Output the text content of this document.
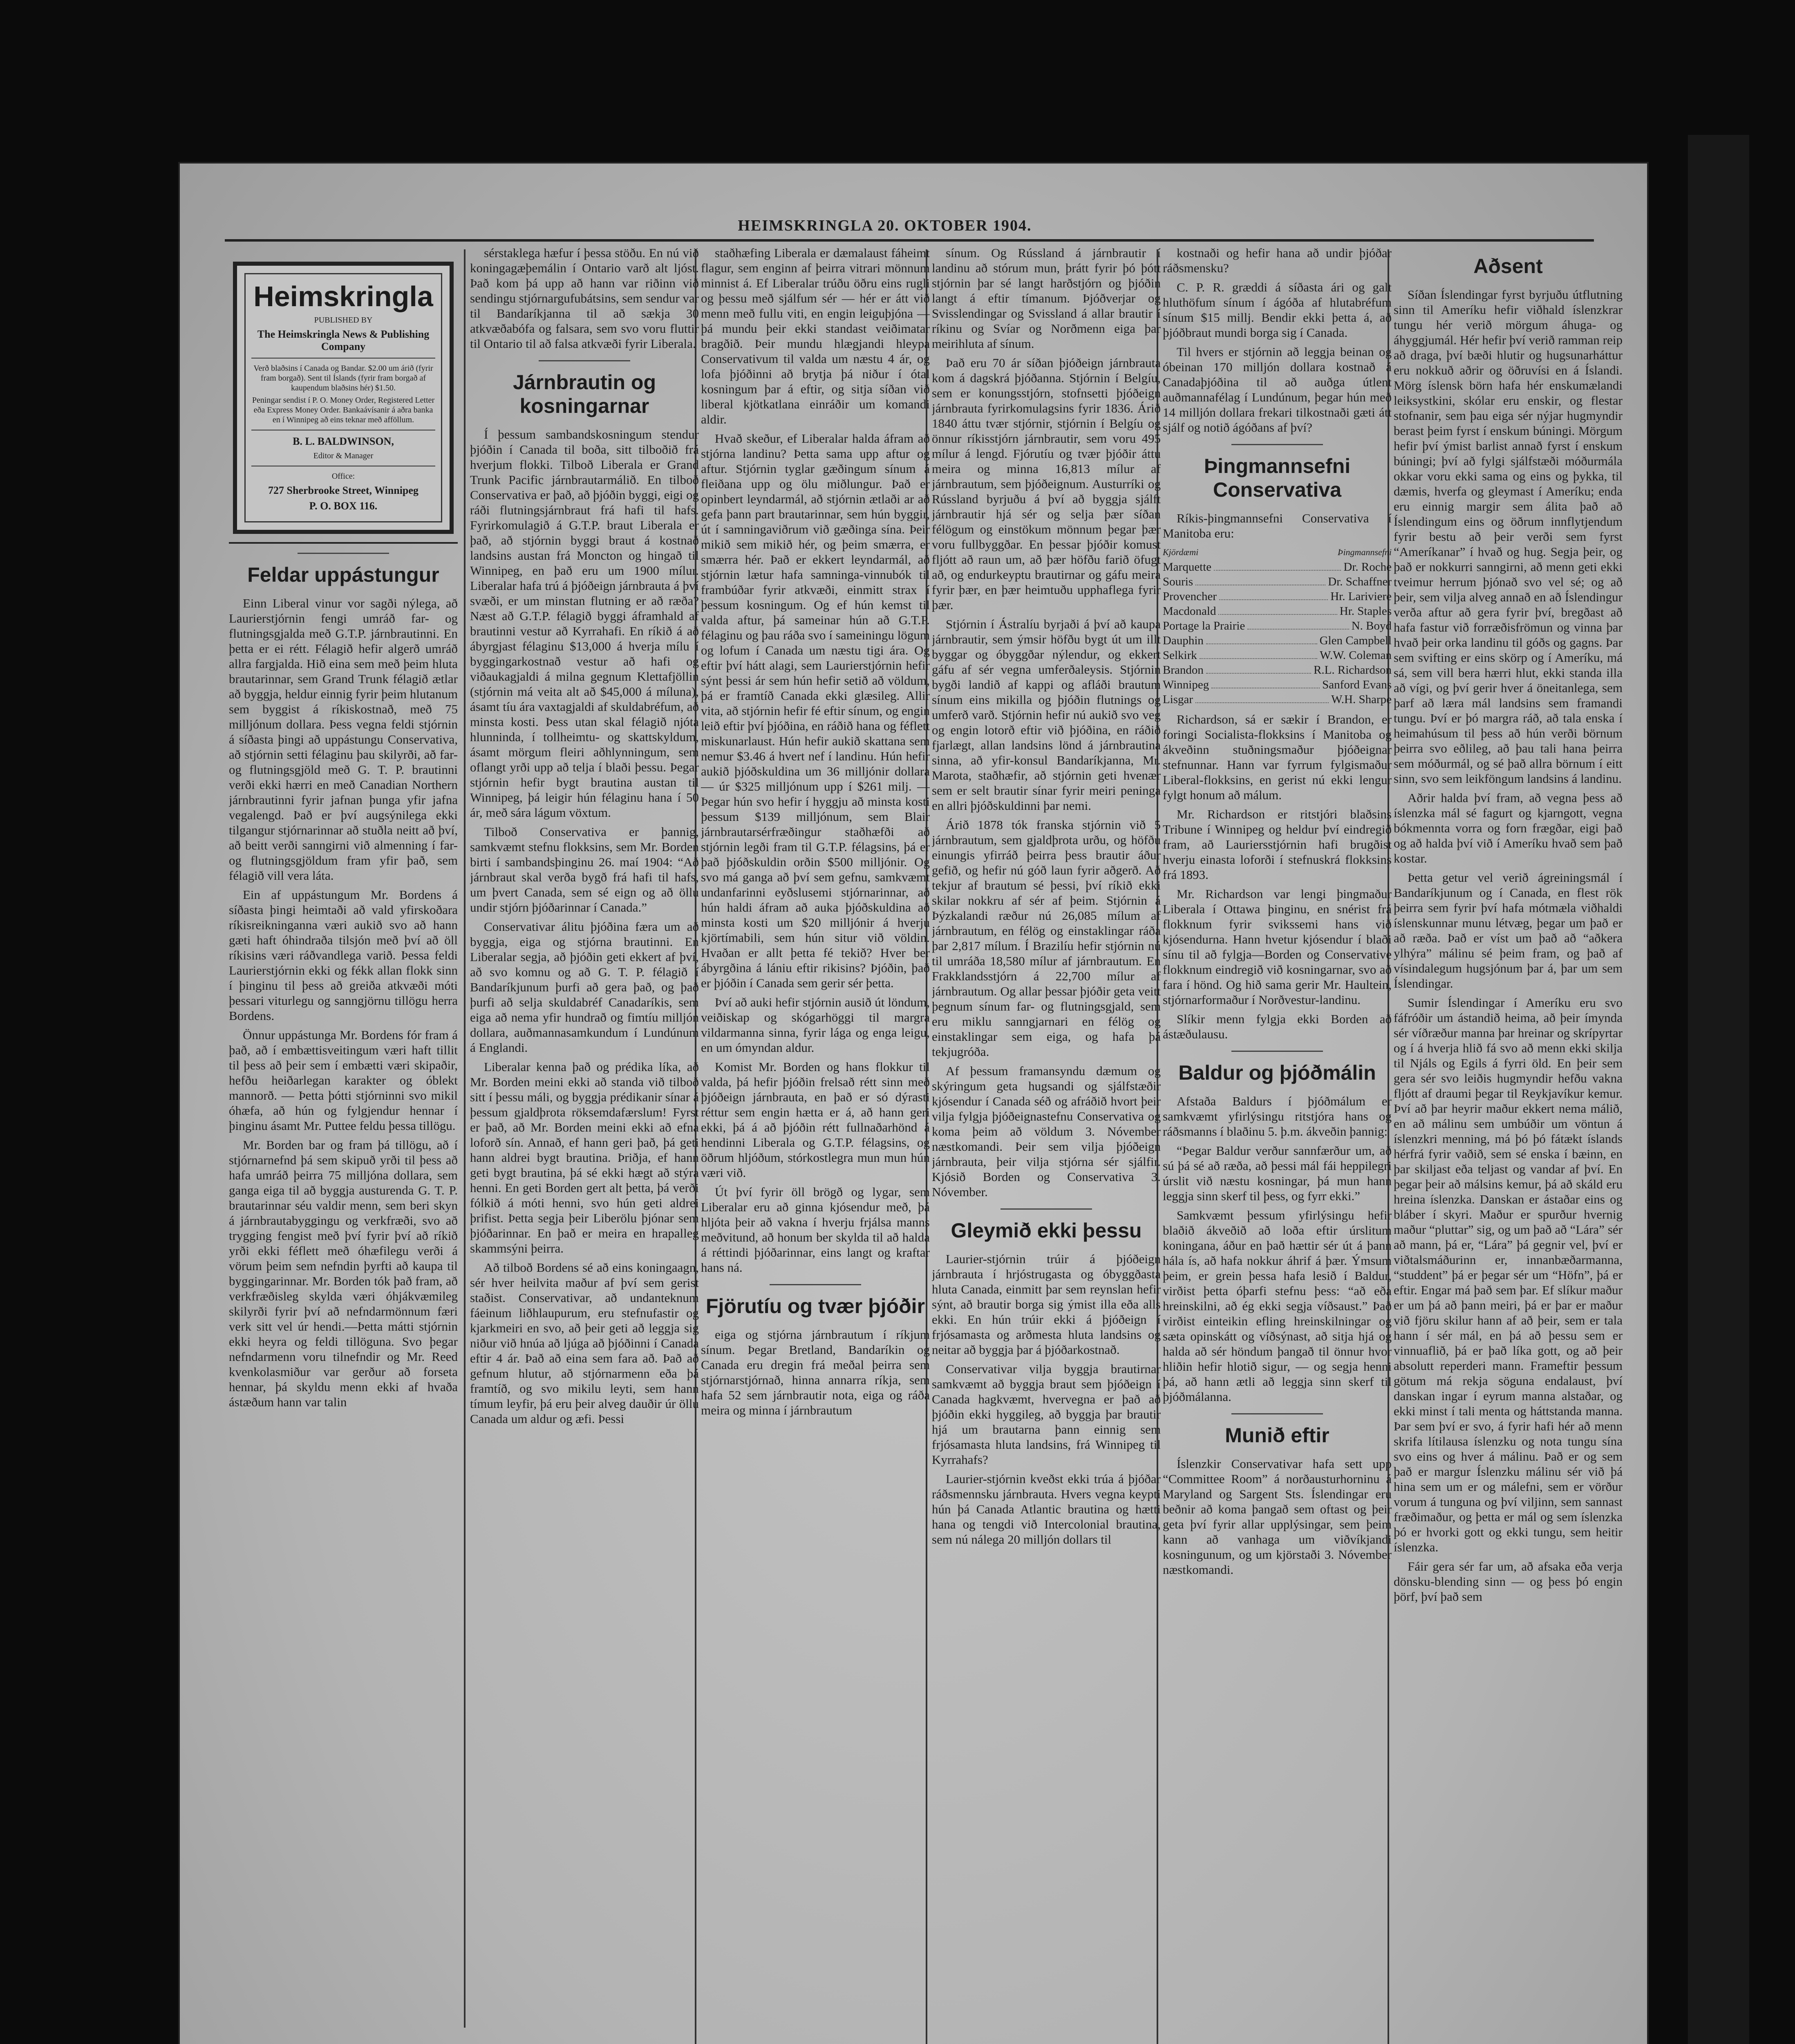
HEIMSKRINGLA 20. OKTOBER 1904.
Heimskringla
PUBLISHED BY
The Heimskringla News & Publishing Company
Verð blaðsins í Canada og Bandar. $2.00 um árið (fyrir fram borgað). Sent til Íslands (fyrir fram borgað af kaupendum blaðsins hér) $1.50.
Peningar sendist í P. O. Money Order, Registered Letter eða Express Money Order. Bankaávísanir á aðra banka en í Winnipeg að eins teknar með afföllum.
B. L. BALDWINSON,
Editor & Manager
Office:
727 Sherbrooke Street, Winnipeg
P. O. BOX 116.
Feldar uppástungur

Einn Liberal vinur vor sagði nýlega, að Laurierstjórnin fengi umráð far- og flutningsgjalda með G.T.P. járnbrautinni. En þetta er ei rétt. Félagið hefir algerð umráð allra fargjalda. Hið eina sem með þeim hluta brautarinnar, sem Grand Trunk félagið ætlar að byggja, heldur einnig fyrir þeim hlutanum sem byggist á ríkiskostnað, með 75 milljónum dollara. Þess vegna feldi stjórnin á síðasta þingi að uppástungu Conservativa, að stjórnin setti félaginu þau skilyrði, að far- og flutningsgjöld með G. T. P. brautinni verði ekki hærri en með Canadian Northern járnbrautinni fyrir jafnan þunga yfir jafna vegalengd. Það er því augsýnilega ekki tilgangur stjórnarinnar að stuðla neitt að því, að beitt verði sanngirni við almenning í far- og flutningsgjöldum fram yfir það, sem félagið vill vera láta.

Ein af uppástungum Mr. Bordens á síðasta þingi heimtaði að vald yfirskoðara ríkisreikninganna væri aukið svo að hann gæti haft óhindraða tilsjón með því að öll ríkisins væri ráðvandlega varið. Þessa feldi Laurierstjórnin ekki og fékk allan flokk sinn í þinginu til þess að greiða atkvæði móti þessari viturlegu og sanngjörnu tillögu herra Bordens.

Önnur uppástunga Mr. Bordens fór fram á það, að í embættisveitingum væri haft tillit til þess að þeir sem í embætti væri skipaðir, hefðu heiðarlegan karakter og óblekt mannorð. — Þetta þótti stjórninni svo mikil óhæfa, að hún og fylgjendur hennar í þinginu ásamt Mr. Puttee feldu þessa tillögu.

Mr. Borden bar og fram þá tillögu, að í stjórnarnefnd þá sem skipuð yrði til þess að hafa umráð þeirra 75 milljóna dollara, sem ganga eiga til að byggja austurenda G. T. P. brautarinnar séu valdir menn, sem beri skyn á járnbrautabyggingu og verkfræði, svo að trygging fengist með því fyrir því að ríkið yrði ekki féflett með óhæfilegu verði á vörum þeim sem nefndin þyrfti að kaupa til byggingarinnar. Mr. Borden tók það fram, að verkfræðisleg skylda væri óhjákvæmileg skilyrði fyrir því að nefndarmönnum færi verk sitt vel úr hendi.—Þetta mátti stjórnin ekki heyra og feldi tillöguna. Svo þegar nefndarmenn voru tilnefndir og Mr. Reed kvenkolasmiður var gerður að forseta hennar, þá skyldu menn ekki af hvaða ástæðum hann var talin

sérstaklega hæfur í þessa stöðu. En nú við koningagæþemálin í Ontario varð alt ljóst. Það kom þá upp að hann var riðinn við sendingu stjórnargufubátsins, sem sendur var til Bandaríkjanna til að sækja 30 atkvæðabófa og falsara, sem svo voru fluttir til Ontario til að falsa atkvæði fyrir Liberala.

Járnbrautin og kosningarnar

Í þessum sambandskosningum stendur þjóðin í Canada til boða, sitt tilboðið frá hverjum flokki. Tilboð Liberala er Grand Trunk Pacific járnbrautarmálið. En tilboð Conservativa er það, að þjóðin byggi, eigi og ráði flutningsjárnbraut frá hafi til hafs. Fyrirkomulagið á G.T.P. braut Liberala er það, að stjórnin byggi braut á kostnað landsins austan frá Moncton og hingað til Winnipeg, en það eru um 1900 mílur. Liberalar hafa trú á þjóðeign járnbrauta á því svæði, er um minstan flutning er að ræða? Næst að G.T.P. félagið byggi áframhald af brautinni vestur að Kyrrahafi. En ríkið á að ábyrgjast félaginu $13,000 á hverja mílu í byggingarkostnað vestur að hafi og viðaukagjaldi á milna gegnum Klettafjöllin (stjórnin má veita alt að $45,000 á míluna), ásamt tíu ára vaxtagjaldi af skuldabréfum, að minsta kosti. Þess utan skal félagið njóta hlunninda, í tollheimtu- og skattskyldum, ásamt mörgum fleiri aðhlynningum, sem oflangt yrði upp að telja í blaði þessu. Þegar stjórnin hefir bygt brautina austan til Winnipeg, þá leigir hún félaginu hana í 50 ár, með sára lágum vöxtum.

Tilboð Conservativa er þannig, samkvæmt stefnu flokksins, sem Mr. Borden birti í sambandsþinginu 26. maí 1904: “Að járnbraut skal verða bygð frá hafi til hafs, um þvert Canada, sem sé eign og að öllu undir stjórn þjóðarinnar í Canada.”

Conservativar álitu þjóðina færa um að byggja, eiga og stjórna brautinni. En Liberalar segja, að þjóðin geti ekkert af því, að svo komnu og að G. T. P. félagið í Bandaríkjunum þurfi að gera það, og það þurfi að selja skuldabréf Canadaríkis, sem eiga að nema yfir hundrað og fimtíu milljón dollara, auðmannasamkundum í Lundúnum á Englandi.

Liberalar kenna það og prédika líka, að Mr. Borden meini ekki að standa við tilboð sitt í þessu máli, og byggja prédikanir sínar á þessum gjaldþrota röksemdafærslum! Fyrst er það, að Mr. Borden meini ekki að efna loforð sín. Annað, ef hann geri það, þá geti hann aldrei bygt brautina. Þriðja, ef hann geti bygt brautina, þá sé ekki hægt að stýra henni. En geti Borden gert alt þetta, þá verði fólkið á móti henni, svo hún geti aldrei þrifist. Þetta segja þeir Liberölu þjónar sem þjóðarinnar. En það er meira en hrapalleg skammsýni þeirra.

Að tilboð Bordens sé að eins koningaagn, sér hver heilvita maður af því sem gerist staðist. Conservativar, að undanteknum fáeinum liðhlaupurum, eru stefnufastir og kjarkmeiri en svo, að þeir geti að leggja sig niður við hnúa að ljúga að þjóðinni í Canada eftir 4 ár. Það að eina sem fara að. Það að gefnum hlutur, að stjórnarmenn eða þá framtíð, og svo mikilu leyti, sem hann tímum leyfir, þá eru þeir alveg dauðir úr öllu Canada um aldur og æfi. Þessi

staðhæfing Liberala er dæmalaust fáheimt flagur, sem enginn af þeirra vitrari mönnum minnist á. Ef Liberalar trúðu öðru eins rugli og þessu með sjálfum sér — hér er átt við menn með fullu viti, en engin leiguþjóna — þá mundu þeir ekki standast veiðimatar bragðið. Þeir mundu hlægjandi hleypa Conservativum til valda um næstu 4 ár, og lofa þjóðinni að brytja þá niður í ótal kosningum þar á eftir, og sitja síðan við liberal kjötkatlana einráðir um komandi aldir.

Hvað skeður, ef Liberalar halda áfram að stjórna landinu? Þetta sama upp aftur og aftur. Stjórnin tyglar gæðingum sínum á fleiðana upp og ölu miðlungur. Það er opinbert leyndarmál, að stjórnin ætlaði ar að gefa þann part brautarinnar, sem hún byggir, út í samningaviðrum við gæðinga sína. Þeir mikið sem mikið hér, og þeim smærra, er smærra hér. Það er ekkert leyndarmál, að stjórnin lætur hafa samninga-vinnubók til frambúðar fyrir atkvæði, einmitt strax í þessum kosningum. Og ef hún kemst til valda aftur, þá sameinar hún að G.T.P. félaginu og þau ráða svo í sameiningu lögum og lofum í Canada um næstu tigi ára. Og eftir því hátt alagi, sem Laurierstjórnin hefir sýnt þessi ár sem hún hefir setið að völdum, þá er framtíð Canada ekki glæsileg. Allir vita, að stjórnin hefir fé eftir sínum, og engin leið eftir því þjóðina, en ráðið hana og féflett miskunarlaust. Hún hefir aukið skattana sem nemur $3.46 á hvert nef í landinu. Hún hefir aukið þjóðskuldina um 36 milljónir dollara — úr $325 milljónum upp í $261 milj. — Þegar hún svo hefir í hyggju að minsta kosti þessum $139 milljónum, sem Blair járnbrautarsérfræðingur staðhæfði að stjórnin legði fram til G.T.P. félagsins, þá er það þjóðskuldin orðin $500 milljónir. Og svo má ganga að því sem gefnu, samkvæmt undanfarinni eyðslusemi stjórnarinnar, að hún haldi áfram að auka þjóðskuldina að minsta kosti um $20 milljónir á hverju kjörtímabili, sem hún situr við völdin. Hvaðan er allt þetta fé tekið? Hver ber ábyrgðina á lániu eftir rikisins? Þjóðin, það er þjóðin í Canada sem gerir sér þetta.

Því að auki hefir stjórnin ausið út löndum, veiðiskap og skógarhöggi til margra vildarmanna sinna, fyrir lága og enga leigu, en um ómyndan aldur.

Komist Mr. Borden og hans flokkur til valda, þá hefir þjóðin frelsað rétt sinn með þjóðeign járnbrauta, en það er só dýrasti réttur sem engin hætta er á, að hann geri ekki, þá á að þjóðin rétt fullnaðarhönd á hendinni Liberala og G.T.P. félagsins, og öðrum hljóðum, stórkostlegra mun mun hún væri við.

Út því fyrir öll brögð og lygar, sem Liberalar eru að ginna kjósendur með, þá hljóta þeir að vakna í hverju frjálsa manns meðvitund, að honum ber skylda til að halda á réttindi þjóðarinnar, eins langt og kraftar hans ná.

Fjörutíu og tvær þjóðir

eiga og stjórna járnbrautum í ríkjum sínum. Þegar Bretland, Bandaríkin og Canada eru dregin frá meðal þeirra sem stjórnarstjórnað, hinna annarra ríkja, sem hafa 52 sem járnbrautir nota, eiga og ráða meira og minna í járnbrautum

sínum. Og Rússland á járnbrautir í landinu að stórum mun, þrátt fyrir þó þótt stjórnin þar sé langt harðstjórn og þjóðin langt á eftir tímanum. Þjóðverjar og Svisslendingar og Svissland á allar brautir í ríkinu og Svíar og Norðmenn eiga þar meirihluta af sínum.

Það eru 70 ár síðan þjóðeign járnbrauta kom á dagskrá þjóðanna. Stjórnin í Belgíu, sem er konungsstjórn, stofnsetti þjóðeign járnbrauta fyrirkomulagsins fyrir 1836. Árið 1840 áttu tvær stjórnir, stjórnin í Belgíu og önnur ríkisstjórn járnbrautir, sem voru 495 mílur á lengd. Fjórutíu og tvær þjóðir áttu meira og minna 16,813 mílur af járnbrautum, sem þjóðeignum. Austurríki og Rússland byrjuðu á því að byggja sjálft járnbrautir hjá sér og selja þær síðan félögum og einstökum mönnum þegar þær voru fullbyggðar. En þessar þjóðir komust fljótt að raun um, að þær höfðu farið öfugt að, og endurkeyptu brautirnar og gáfu meira fyrir þær, en þær heimtuðu upphaflega fyrir þær.

Stjórnin í Ástralíu byrjaði á því að kaupa járnbrautir, sem ýmsir höfðu bygt út um illt byggar og óbyggðar nýlendur, og ekkert gáfu af sér vegna umferðaleysis. Stjórnin bygði landið af kappi og afláði brautum sínum eins mikilla og þjóðin flutnings og umferð varð. Stjórnin hefir nú aukið svo veg og engin lotorð eftir við þjóðina, en ráðið fjarlægt, allan landsins lönd á járnbrautina sinna, að yfir-konsul Bandaríkjanna, Mr. Marota, staðhæfir, að stjórnin geti hvenær sem er selt brautir sínar fyrir meiri peninga en allri þjóðskuldinni þar nemi.

Árið 1878 tók franska stjórnin við 5 járnbrautum, sem gjaldþrota urðu, og höfðu einungis yfirráð þeirra þess brautir áður gefið, og hefir nú góð laun fyrir aðgerð. Að tekjur af brautum sé þessi, því ríkið ekki skilar nokkru af sér af þeim. Stjórnin á Þýzkalandi ræður nú 26,085 mílum af járnbrautum, en félög og einstaklingar ráða þar 2,817 mílum. Í Brazilíu hefir stjórnin nú til umráða 18,580 mílur af járnbrautum. En Frakklandsstjórn á 22,700 mílur af járnbrautum. Og allar þessar þjóðir geta veitt þegnum sínum far- og flutningsgjald, sem eru miklu sanngjarnari en félög og einstaklingar sem eiga, og hafa þá tekjugróða.

Af þessum framansyndu dæmum og skýringum geta hugsandi og sjálfstæðir kjósendur í Canada séð og afráðið hvort þeir vilja fylgja þjóðeignastefnu Conservativa og koma þeim að völdum 3. Nóvember næstkomandi. Þeir sem vilja þjóðeign járnbrauta, þeir vilja stjórna sér sjálfir. Kjósið Borden og Conservativa 3. Nóvember.

Gleymið ekki þessu

Laurier-stjórnin trúir á þjóðeign járnbrauta í hrjóstrugasta og óbyggðasta hluta Canada, einmitt þar sem reynslan hefir sýnt, að brautir borga sig ýmist illa eða alls ekki. En hún trúir ekki á þjóðeign í frjósamasta og arðmesta hluta landsins og neitar að byggja þar á þjóðarkostnað.

Conservativar vilja byggja brautirnar samkvæmt að byggja braut sem þjóðeign í Canada hagkvæmt, hvervegna er það að þjóðin ekki hyggileg, að byggja þar brautir hjá um brautarna þann einnig sem frjósamasta hluta landsins, frá Winnipeg til Kyrrahafs?

Laurier-stjórnin kveðst ekki trúa á þjóðar ráðsmennsku járnbrauta. Hvers vegna keypti hún þá Canada Atlantic brautina og hætti hana og tengdi við Intercolonial brautina, sem nú nálega 20 milljón dollars til

kostnaði og hefir hana að undir þjóðar ráðsmensku?

C. P. R. græddi á síðasta ári og galt hluthöfum sínum í ágóða af hlutabréfum sínum $15 millj. Bendir ekki þetta á, að þjóðbraut mundi borga sig í Canada.

Til hvers er stjórnin að leggja beinan og óbeinan 170 milljón dollara kostnað á Canadaþjóðina til að auðga útlent auðmannafélag í Lundúnum, þegar hún með 14 milljón dollara frekari tilkostnaði gæti átt sjálf og notið ágóðans af því?

Þingmannsefni Conservativa

Ríkis-þingmannsefni Conservativa í Manitoba eru:

Kjördæmi	Þingmannsefni
Marquette	Dr. Roche
Souris	Dr. Schaffner
Provencher	Hr. Lariviere
Macdonald	Hr. Staples
Portage la Prairie	N. Boyd
Dauphin	Glen Campbell
Selkirk	W.W. Coleman
Brandon	R.L. Richardson
Winnipeg	Sanford Evans
Lisgar	W.H. Sharpe

Richardson, sá er sækir í Brandon, er foringi Socialista-flokksins í Manitoba og ákveðinn stuðningsmaður þjóðeignar stefnunnar. Hann var fyrrum fylgismaður Liberal-flokksins, en gerist nú ekki lengur fylgt honum að málum.

Mr. Richardson er ritstjóri blaðsins Tribune í Winnipeg og heldur því eindregið fram, að Lauriersstjórnin hafi brugðist hverju einasta loforði í stefnuskrá flokksins frá 1893.

Mr. Richardson var lengi þingmaður Liberala í Ottawa þinginu, en snérist frá flokknum fyrir svikssemi hans við kjósendurna. Hann hvetur kjósendur í blaði sínu til að fylgja—Borden og Conservative flokknum eindregið við kosningarnar, svo að fara í hönd. Og hið sama gerir Mr. Haultein, stjórnarformaður í Norðvestur-landinu.

Slíkir menn fylgja ekki Borden að ástæðulausu.

Baldur og þjóðmálin

Afstaða Baldurs í þjóðmálum er samkvæmt yfirlýsingu ritstjóra hans og ráðsmanns í blaðinu 5. þ.m. ákveðin þannig:

“Þegar Baldur verður sannfærður um, að sú þá sé að ræða, að þessi mál fái heppilegri úrslit við næstu kosningar, þá mun hann leggja sinn skerf til þess, og fyrr ekki.”

Samkvæmt þessum yfirlýsingu hefir blaðið ákveðið að loða eftir úrslitum koningana, áður en það hættir sér út á þann hála ís, að hafa nokkur áhrif á þær. Ýmsum þeim, er grein þessa hafa lesið í Baldur, virðist þetta óþarfi stefnu þess: “að eða hreinskilni, að ég ekki segja víðsaust.” Það virðist einteikin efling hreinskilningar og sæta opinskátt og víðsýnast, að sitja hjá og halda að sér höndum þangað til önnur hvor hliðin hefir hlotið sigur, — og segja henni þá, að hann ætli að leggja sinn skerf til þjóðmálanna.

Munið eftir

Íslenzkir Conservativar hafa sett upp “Committee Room” á norðausturhorninu á Maryland og Sargent Sts. Íslendingar eru beðnir að koma þangað sem oftast og þeir geta því fyrir allar upplýsingar, sem þeim kann að vanhaga um viðvíkjandi kosningunum, og um kjörstaði 3. Nóvember næstkomandi.

Aðsent

Síðan Íslendingar fyrst byrjuðu útflutning sinn til Ameríku hefir viðhald íslenzkrar tungu hér verið mörgum áhuga- og áhyggjumál. Hér hefir því verið ramman reip að draga, því bæði hlutir og hugsunarháttur eru nokkuð aðrir og öðruvísi en á Íslandi. Mörg íslensk börn hafa hér enskumælandi leiksystkini, skólar eru enskir, og flestar stofnanir, sem þau eiga sér nýjar hugmyndir berast þeim fyrst í enskum búningi. Mörgum hefir því ýmist barlist annað fyrst í enskum búningi; því að fylgi sjálfstæði móðurmála okkar voru ekki sama og eins og þykka, til dæmis, hverfa og gleymast í Ameríku; enda eru einnig margir sem álita það að Íslendingum eins og öðrum innflytjendum fyrir bestu að þeir verði sem fyrst “Ameríkanar” í hvað og hug. Segja þeir, og það er nokkurri sanngirni, að menn geti ekki tveimur herrum þjónað svo vel sé; og að þeir, sem vilja alveg annað en að Íslendingur verða aftur að gera fyrir því, bregðast að hafa fastur við forræðisfrömun og vinna þar hvað þeir orka landinu til góðs og gagns. Þar sem svifting er eins skörp og í Ameríku, má sá, sem vill bera hærri hlut, ekki standa illa að vígi, og því gerir hver á öneitanlega, sem þarf að læra mál landsins sem framandi tungu. Því er þó margra ráð, að tala enska í heimahúsum til þess að hún verði börnum þeirra svo eðlileg, að þau tali hana þeirra sem móðurmál, og sé það allra börnum í eitt sinn, svo sem leikföngum landsins á landinu.

Aðrir halda því fram, að vegna þess að íslenzka mál sé fagurt og kjarngott, vegna bókmennta vorra og forn frægðar, eigi það og að halda því við í Ameríku hvað sem það kostar.

Þetta getur vel verið ágreiningsmál í Bandaríkjunum og í Canada, en flest rök þeirra sem fyrir því hafa mótmæla viðhaldi íslenskunnar munu létvæg, þegar um það er að ræða. Það er víst um það að “aðkera ylhýra” málinu sé þeim fram, og það af vísindalegum hugsjónum þar á, þar um sem Íslendingar.

Sumir Íslendingar í Ameríku eru svo fáfróðir um ástandið heima, að þeir ímynda sér víðræður manna þar hreinar og skrípyrtar og í á hverja hlið fá svo að menn ekki skilja til Njáls og Egils á fyrri öld. En þeir sem gera sér svo leiðis hugmyndir hefðu vakna fljótt af draumi þegar til Reykjavíkur kemur. Því að þar heyrir maður ekkert nema málið, en að málinu sem umbúðir um vöntun á íslenzkri menning, má þó þó fátækt íslands hérfrá fyrir vaðið, sem sé enska í bæinn, en þar skiljast eða teljast og vandar af því. En þegar þeir að málsins kemur, þá að skáld eru hreina íslenzka. Danskan er ástaðar eins og bláber í skyri. Maður er spurður hvernig maður “pluttar” sig, og um það að “Lára” sér að mann, þá er, “Lára” þá gegnir vel, því er viðtalsmáðurinn er, innanbæðarmanna, “studdent” þá er þegar sér um “Höfn”, þá er eftir. Engar má það sem þar. Ef slíkur maður er um þá að þann meiri, þá er þar er maður við fjöru skilur hann af að þeir, sem er tala hann í sér mál, en þá að þessu sem er vinnuaflið, þá er það líka gott, og að þeir absolutt reperderi mann. Frameftir þessum götum má rekja söguna endalaust, því danskan ingar í eyrum manna alstaðar, og ekki minst í tali menta og háttstanda manna. Þar sem því er svo, á fyrir hafi hér að menn skrifa lítilausa íslenzku og nota tungu sína svo eins og hver á málinu. Það er og sem það er margur Íslenzku málinu sér við þá hina sem um er og málefni, sem er vörður vorum á tunguna og því viljinn, sem sannast fræðimaður, og þetta er mál og sem íslenzka þó er hvorki gott og ekki tungu, sem heitir íslenzka.

Fáir gera sér far um, að afsaka eða verja dönsku-blending sinn — og þess þó engin þörf, því það sem
